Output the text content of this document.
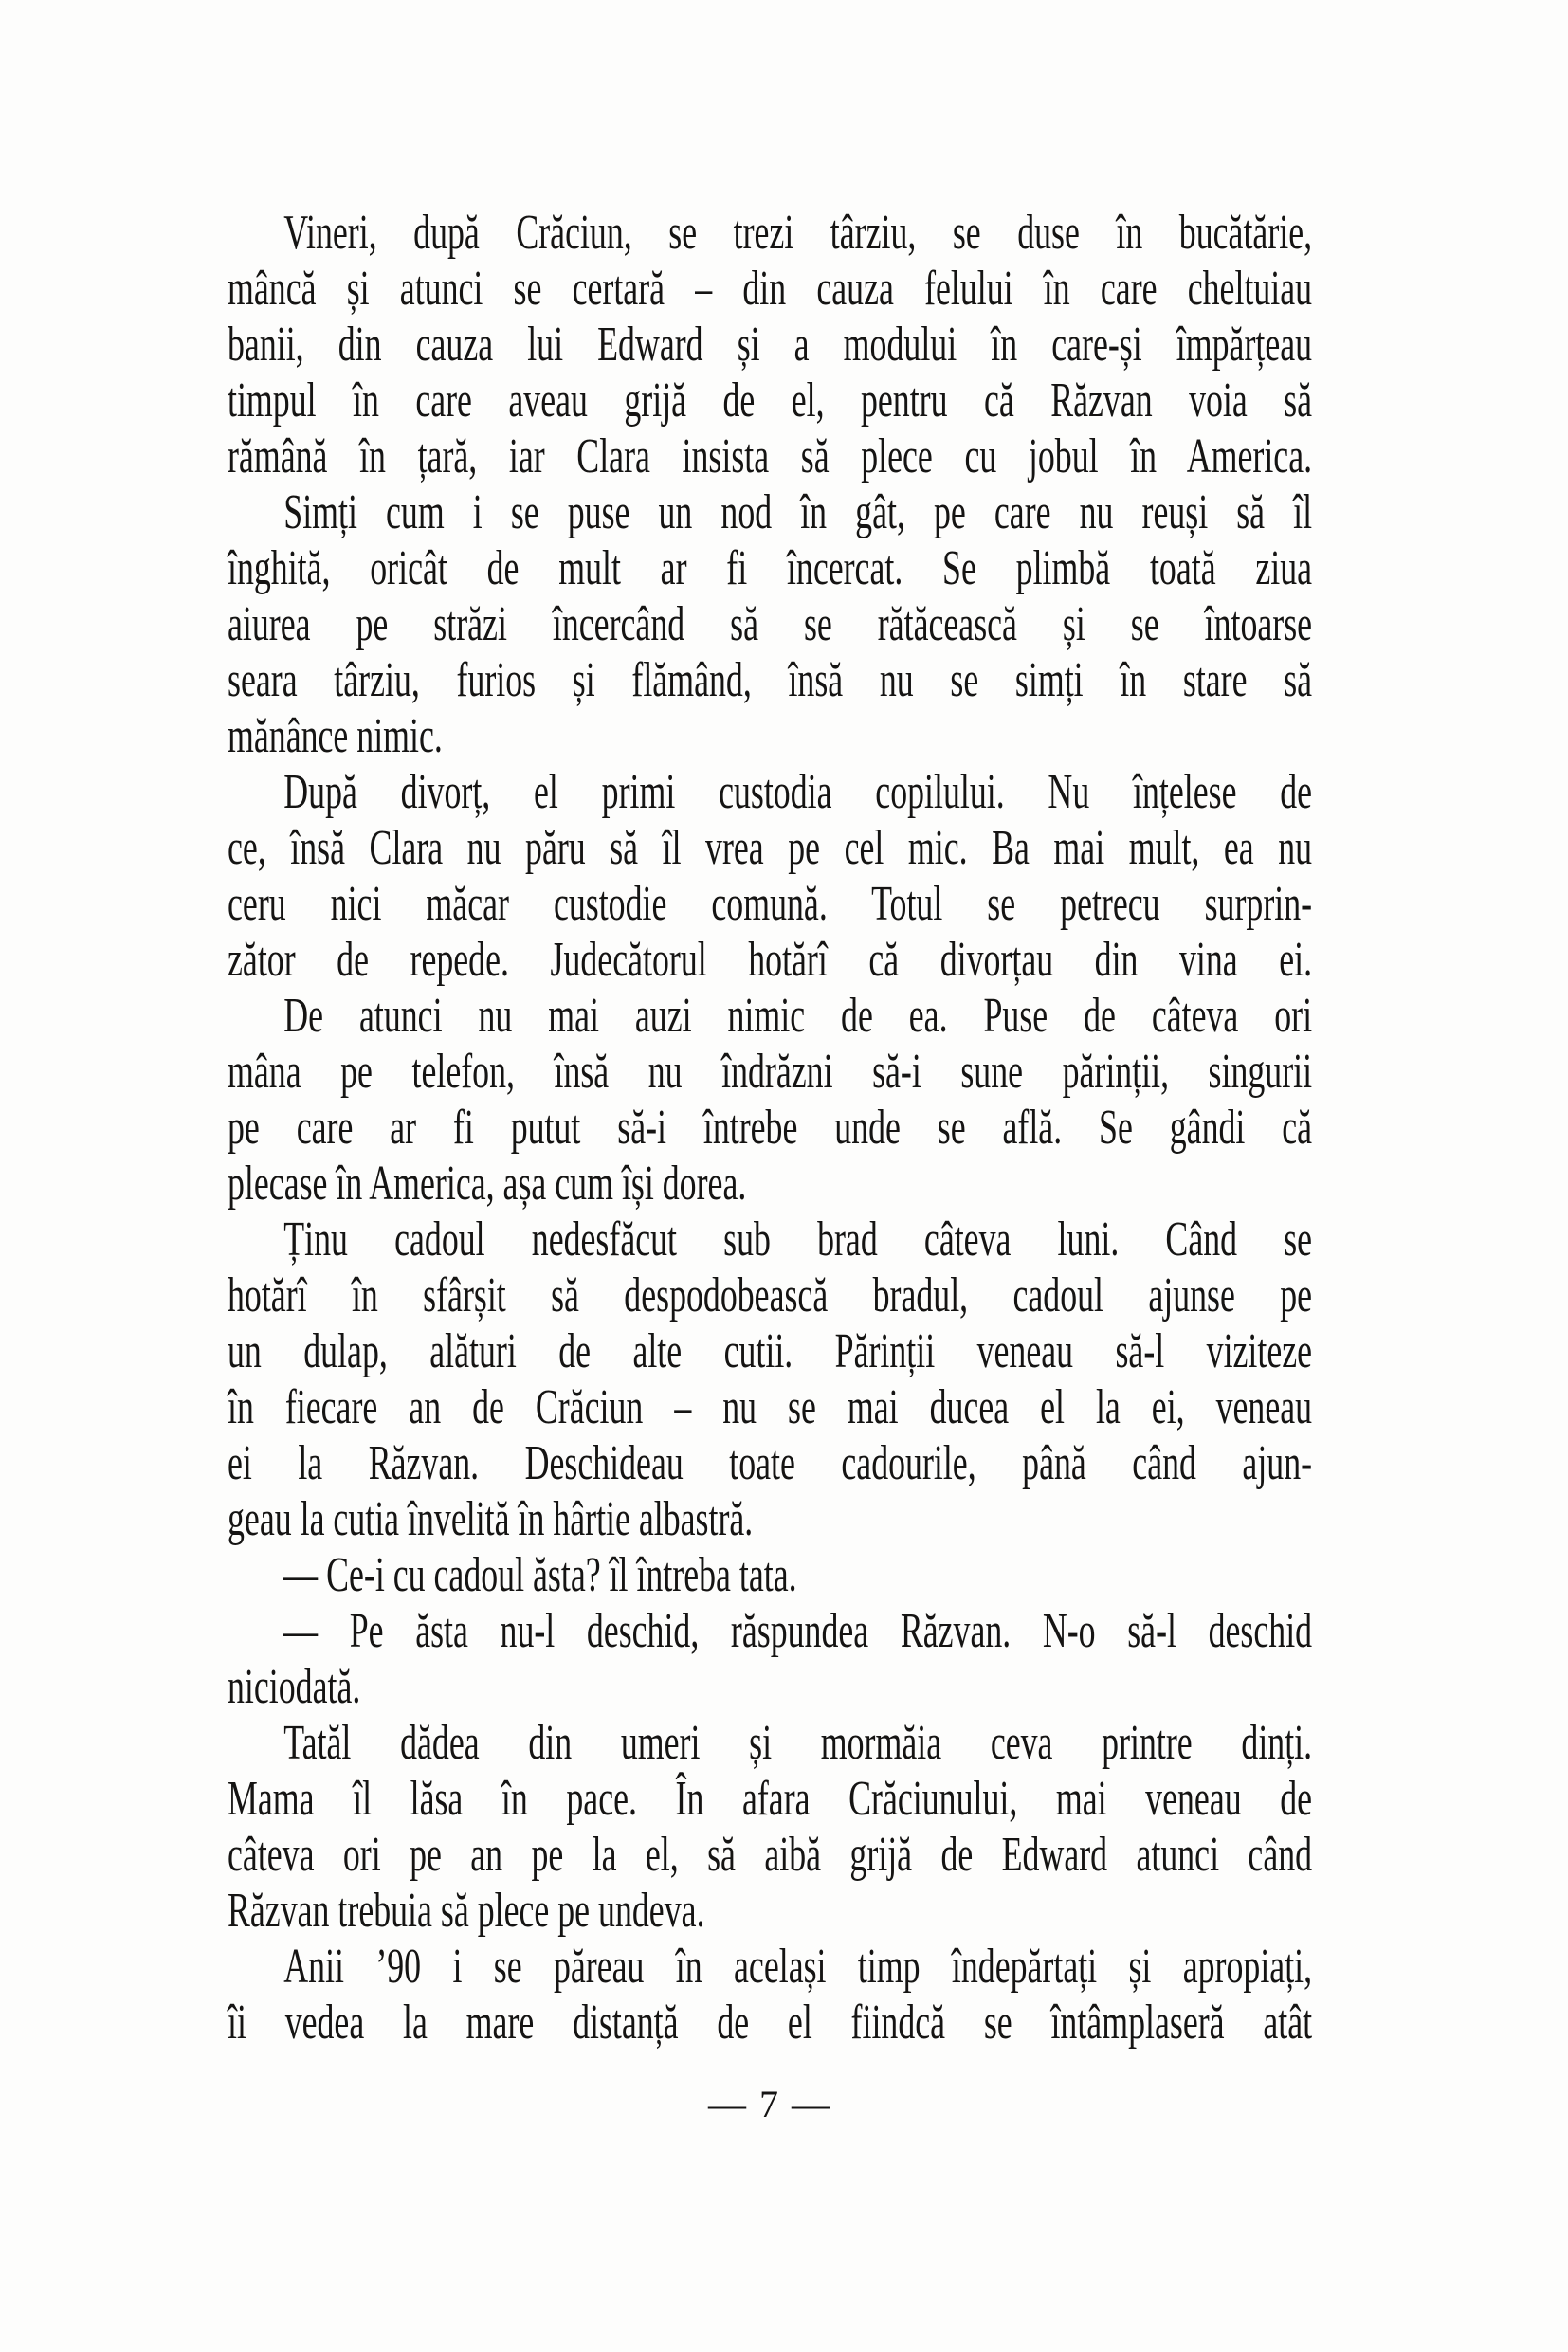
Vineri, după Crăciun, se trezi târziu, se duse în bucătărie,
mâncă și atunci se certară – din cauza felului în care cheltuiau
banii, din cauza lui Edward și a modului în care-și împărțeau
timpul în care aveau grijă de el, pentru că Răzvan voia să
rămână în țară, iar Clara insista să plece cu jobul în America.
Simți cum i se puse un nod în gât, pe care nu reuși să îl
înghită, oricât de mult ar fi încercat. Se plimbă toată ziua
aiurea pe străzi încercând să se rătăcească și se întoarse
seara târziu, furios și flămând, însă nu se simți în stare să
mănânce nimic.
După divorț, el primi custodia copilului. Nu înțelese de
ce, însă Clara nu păru să îl vrea pe cel mic. Ba mai mult, ea nu
ceru nici măcar custodie comună. Totul se petrecu surprin-
zător de repede. Judecătorul hotărî că divorțau din vina ei.
De atunci nu mai auzi nimic de ea. Puse de câteva ori
mâna pe telefon, însă nu îndrăzni să-i sune părinții, singurii
pe care ar fi putut să-i întrebe unde se află. Se gândi că
plecase în America, așa cum își dorea.
Ținu cadoul nedesfăcut sub brad câteva luni. Când se
hotărî în sfârșit să despodobească bradul, cadoul ajunse pe
un dulap, alături de alte cutii. Părinții veneau să-l viziteze
în fiecare an de Crăciun – nu se mai ducea el la ei, veneau
ei la Răzvan. Deschideau toate cadourile, până când ajun-
geau la cutia învelită în hârtie albastră.
— Ce-i cu cadoul ăsta? îl întreba tata.
— Pe ăsta nu-l deschid, răspundea Răzvan. N-o să-l deschid
niciodată.
Tatăl dădea din umeri și mormăia ceva printre dinți.
Mama îl lăsa în pace. În afara Crăciunului, mai veneau de
câteva ori pe an pe la el, să aibă grijă de Edward atunci când
Răzvan trebuia să plece pe undeva.
Anii ’90 i se păreau în același timp îndepărtați și apropiați,
îi vedea la mare distanță de el fiindcă se întâmplaseră atât
— 7 —
